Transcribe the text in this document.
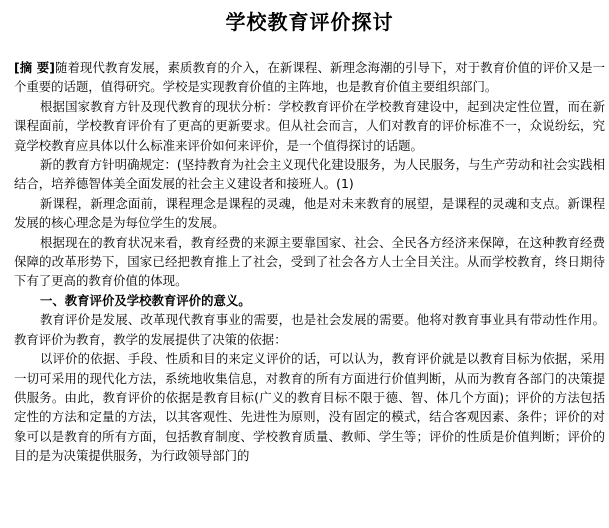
学校教育评价探讨

[摘 要]随着现代教育发展，素质教育的介入，在新课程、新理念海潮的引导下，对于教育价值的评价又是一个重要的话题，值得研究。学校是实现教育价值的主阵地，也是教育价值主要组织部门。

根据国家教育方针及现代教育的现状分析：学校教育评价在学校教育建设中，起到决定性位置，而在新课程面前，学校教育评价有了更高的更新要求。但从社会而言，人们对教育的评价标准不一，众说纷纭，究竟学校教育应具体以什么标准来评价如何来评价，是一个值得探讨的话题。

新的教育方针明确规定：(坚持教育为社会主义现代化建设服务，为人民服务，与生产劳动和社会实践相结合，培养德智体美全面发展的社会主义建设者和接班人。(1)

新课程，新理念面前，课程理念是课程的灵魂，他是对未来教育的展望，是课程的灵魂和支点。新课程发展的核心理念是为每位学生的发展。

根据现在的教育状况来看，教育经费的来源主要靠国家、社会、全民各方经济来保障，在这种教育经费保障的改革形势下，国家已经把教育推上了社会，受到了社会各方人士全目关注。从而学校教育，终日期待下有了更高的教育价值的体现。

一、教育评价及学校教育评价的意义。

教育评价是发展、改革现代教育事业的需要，也是社会发展的需要。他将对教育事业具有带动性作用。教育评价为教育，教学的发展提供了决策的依据：

以评价的依据、手段、性质和目的来定义评价的话，可以认为，教育评价就是以教育目标为依据，采用一切可采用的现代化方法，系统地收集信息，对教育的所有方面进行价值判断，从而为教育各部门的决策提供服务。由此，教育评价的依据是教育目标(广义的教育目标不限于德、智、体几个方面)；评价的方法包括定性的方法和定量的方法，以其客观性、先进性为原则，没有固定的模式，结合客观因素、条件；评价的对象可以是教育的所有方面，包括教育制度、学校教育质量、教师、学生等；评价的性质是价值判断；评价的目的是为决策提供服务，为行政领导部门的
